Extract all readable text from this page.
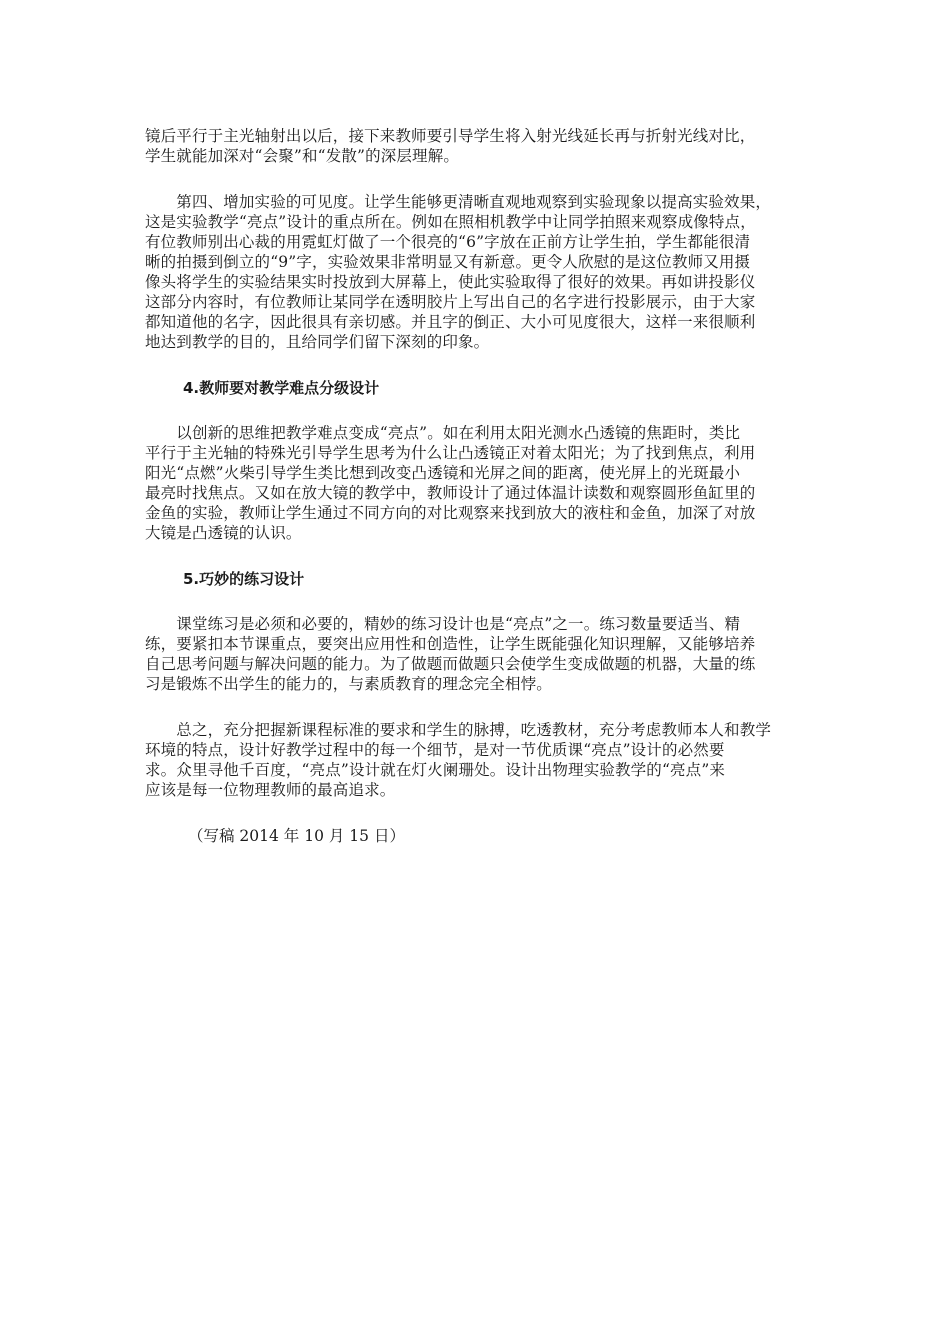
镜后平行于主光轴射出以后，接下来教师要引导学生将入射光线延长再与折射光线对比，
学生就能加深对“会聚”和“发散”的深层理解。

　　第四、增加实验的可见度。让学生能够更清晰直观地观察到实验现象以提高实验效果，
这是实验教学“亮点”设计的重点所在。例如在照相机教学中让同学拍照来观察成像特点，
有位教师别出心裁的用霓虹灯做了一个很亮的“6”字放在正前方让学生拍，学生都能很清
晰的拍摄到倒立的“9”字，实验效果非常明显又有新意。更令人欣慰的是这位教师又用摄
像头将学生的实验结果实时投放到大屏幕上，使此实验取得了很好的效果。再如讲投影仪
这部分内容时，有位教师让某同学在透明胶片上写出自己的名字进行投影展示，由于大家
都知道他的名字，因此很具有亲切感。并且字的倒正、大小可见度很大，这样一来很顺利
地达到教学的目的，且给同学们留下深刻的印象。

4.教师要对教学难点分级设计

　　以创新的思维把教学难点变成“亮点”。如在利用太阳光测水凸透镜的焦距时，类比
平行于主光轴的特殊光引导学生思考为什么让凸透镜正对着太阳光；为了找到焦点，利用
阳光“点燃”火柴引导学生类比想到改变凸透镜和光屏之间的距离，使光屏上的光斑最小
最亮时找焦点。又如在放大镜的教学中，教师设计了通过体温计读数和观察圆形鱼缸里的
金鱼的实验，教师让学生通过不同方向的对比观察来找到放大的液柱和金鱼，加深了对放
大镜是凸透镜的认识。

5.巧妙的练习设计

　　课堂练习是必须和必要的，精妙的练习设计也是“亮点”之一。练习数量要适当、精
练，要紧扣本节课重点，要突出应用性和创造性，让学生既能强化知识理解，又能够培养
自己思考问题与解决问题的能力。为了做题而做题只会使学生变成做题的机器，大量的练
习是锻炼不出学生的能力的，与素质教育的理念完全相悖。

　　总之，充分把握新课程标准的要求和学生的脉搏，吃透教材，充分考虑教师本人和教学
环境的特点，设计好教学过程中的每一个细节，是对一节优质课“亮点”设计的必然要
求。众里寻他千百度，“亮点”设计就在灯火阑珊处。设计出物理实验教学的“亮点”来
应该是每一位物理教师的最高追求。

（写稿 2014 年 10 月 15 日）
